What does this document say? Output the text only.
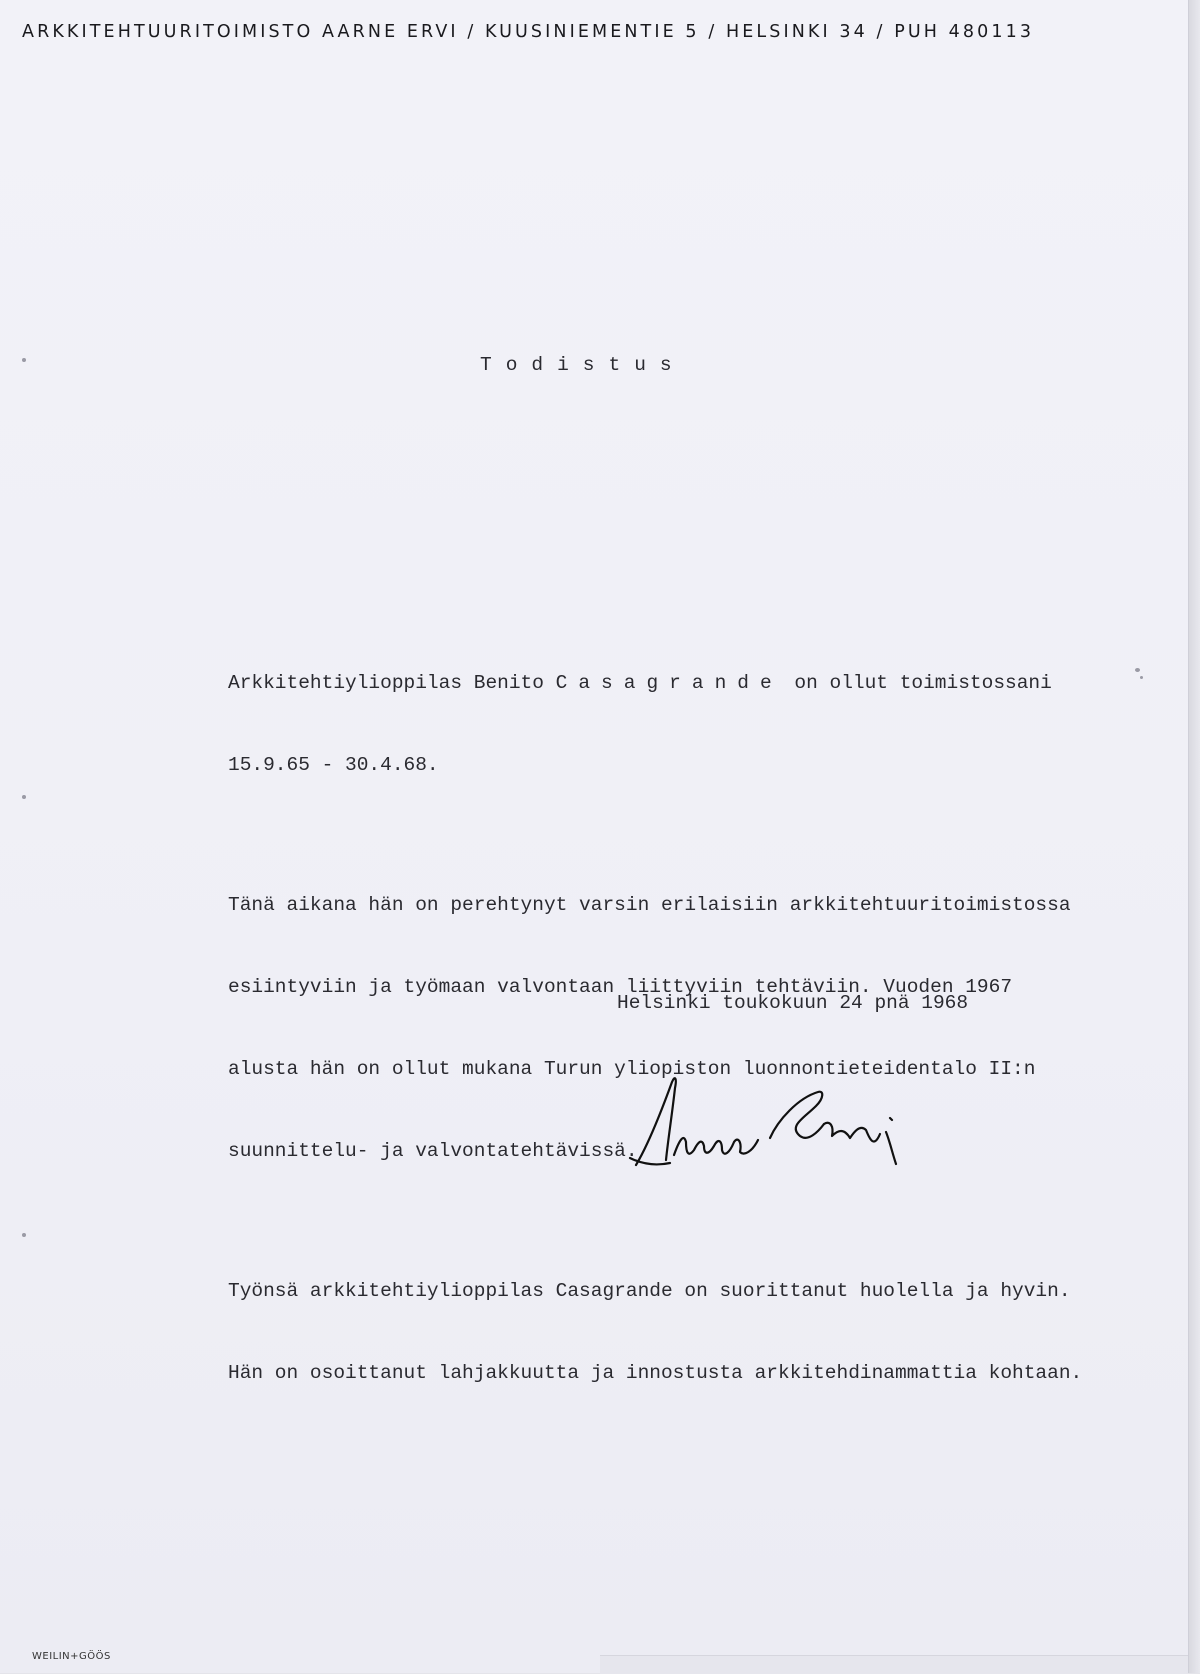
ARKKITEHTUURITOIMISTO AARNE ERVI / KUUSINIEMENTIE 5 / HELSINKI 34 / PUH 480113
Todistus

Arkkitehtiylioppilas Benito Casagrande on ollut toimistossani

15.9.65 - 30.4.68.

Tänä aikana hän on perehtynyt varsin erilaisiin arkkitehtuuritoimistossa

esiintyviin ja työmaan valvontaan liittyviin tehtäviin. Vuoden 1967

alusta hän on ollut mukana Turun yliopiston luonnontieteidentalo II:n

suunnittelu- ja valvontatehtävissä.

Työnsä arkkitehtiylioppilas Casagrande on suorittanut huolella ja hyvin.

Hän on osoittanut lahjakkuutta ja innostusta arkkitehdinammattia kohtaan.

Helsinki toukokuun 24 pnä 1968
WEILIN+GÖÖS
